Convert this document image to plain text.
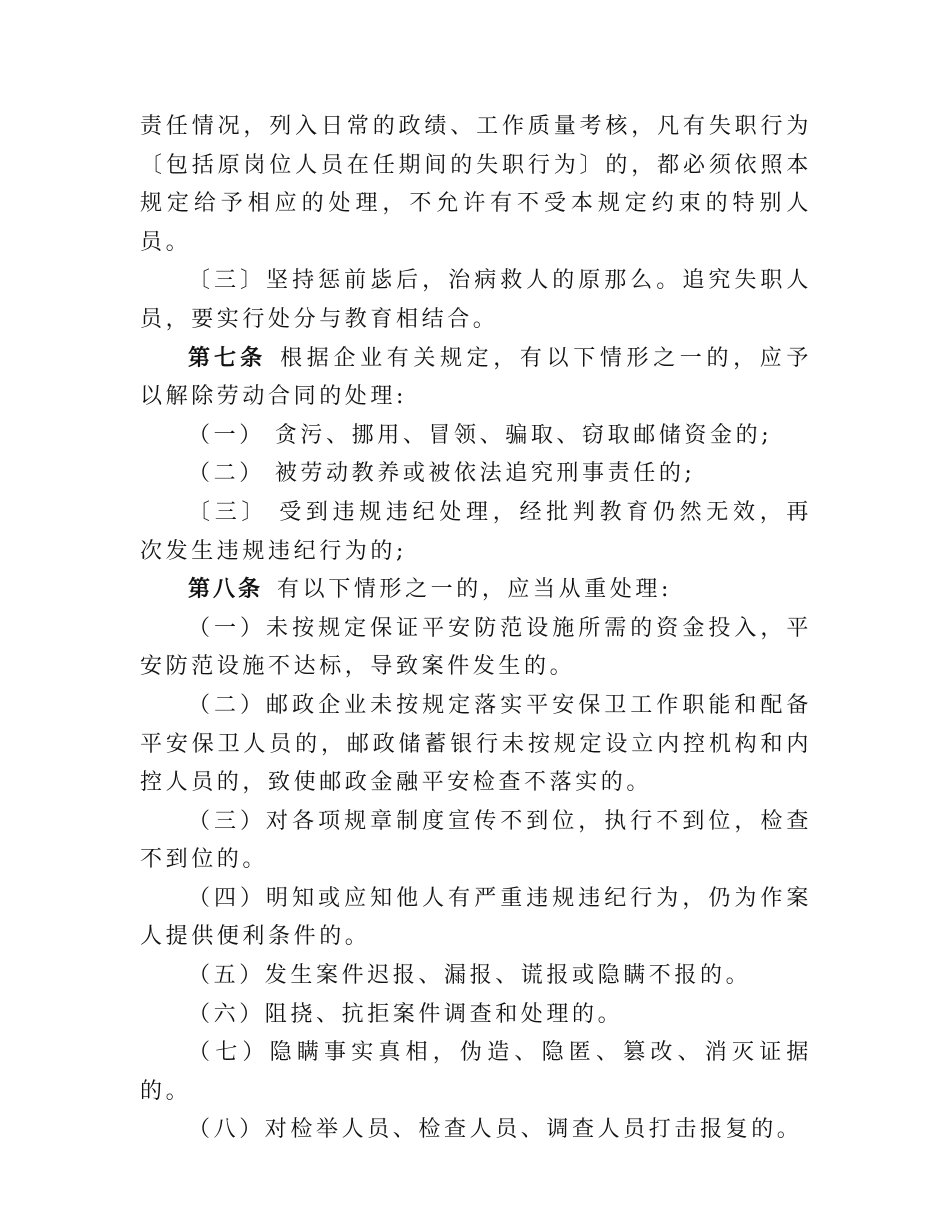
责任情况，列入日常的政绩、工作质量考核，凡有失职行为〔包括原岗位人员在任期间的失职行为〕的，都必须依照本规定给予相应的处理，不允许有不受本规定约束的特别人员。

〔三〕坚持惩前毖后，治病救人的原那么。追究失职人员，要实行处分与教育相结合。

第七条 根据企业有关规定，有以下情形之一的，应予以解除劳动合同的处理:

（一） 贪污、挪用、冒领、骗取、窃取邮储资金的;

（二） 被劳动教养或被依法追究刑事责任的;

〔三〕 受到违规违纪处理，经批判教育仍然无效，再次发生违规违纪行为的;

第八条 有以下情形之一的，应当从重处理:

（一）未按规定保证平安防范设施所需的资金投入，平安防范设施不达标，导致案件发生的。

（二）邮政企业未按规定落实平安保卫工作职能和配备平安保卫人员的，邮政储蓄银行未按规定设立内控机构和内控人员的，致使邮政金融平安检查不落实的。

（三）对各项规章制度宣传不到位，执行不到位，检查不到位的。

（四）明知或应知他人有严重违规违纪行为，仍为作案人提供便利条件的。

（五）发生案件迟报、漏报、谎报或隐瞒不报的。

（六）阻挠、抗拒案件调查和处理的。

（七）隐瞒事实真相，伪造、隐匿、篡改、消灭证据的。

（八）对检举人员、检查人员、调查人员打击报复的。
